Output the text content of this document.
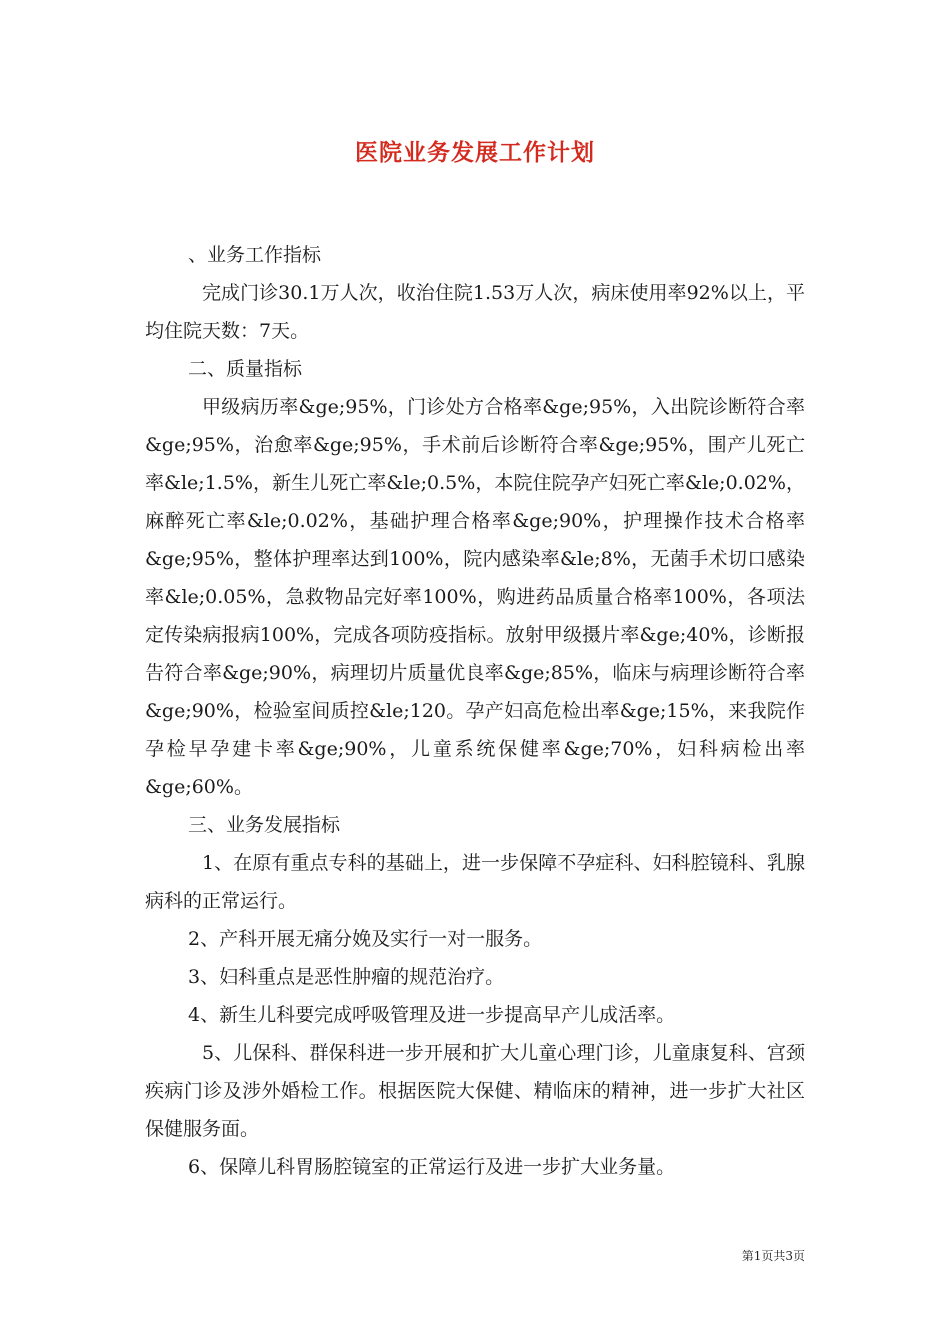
医院业务发展工作计划

、业务工作指标

完成门诊30.1万人次，收治住院1.53万人次，病床使用率92%以上，平均住院天数：7天。

二、质量指标

甲级病历率&ge;95%，门诊处方合格率&ge;95%，入出院诊断符合率&ge;95%，治愈率&ge;95%，手术前后诊断符合率&ge;95%，围产儿死亡率&le;1.5%，新生儿死亡率&le;0.5%，本院住院孕产妇死亡率&le;0.02%，麻醉死亡率&le;0.02%，基础护理合格率&ge;90%，护理操作技术合格率&ge;95%，整体护理率达到100%，院内感染率&le;8%，无菌手术切口感染率&le;0.05%，急救物品完好率100%，购进药品质量合格率100%，各项法定传染病报病100%，完成各项防疫指标。放射甲级摄片率&ge;40%，诊断报告符合率&ge;90%，病理切片质量优良率&ge;85%，临床与病理诊断符合率&ge;90%，检验室间质控&le;120。孕产妇高危检出率&ge;15%，来我院作孕检早孕建卡率&ge;90%，儿童系统保健率&ge;70%，妇科病检出率&ge;60%。

三、业务发展指标

1、在原有重点专科的基础上，进一步保障不孕症科、妇科腔镜科、乳腺病科的正常运行。

2、产科开展无痛分娩及实行一对一服务。

3、妇科重点是恶性肿瘤的规范治疗。

4、新生儿科要完成呼吸管理及进一步提高早产儿成活率。

5、儿保科、群保科进一步开展和扩大儿童心理门诊，儿童康复科、宫颈疾病门诊及涉外婚检工作。根据医院大保健、精临床的精神，进一步扩大社区保健服务面。

6、保障儿科胃肠腔镜室的正常运行及进一步扩大业务量。

第1页共3页
